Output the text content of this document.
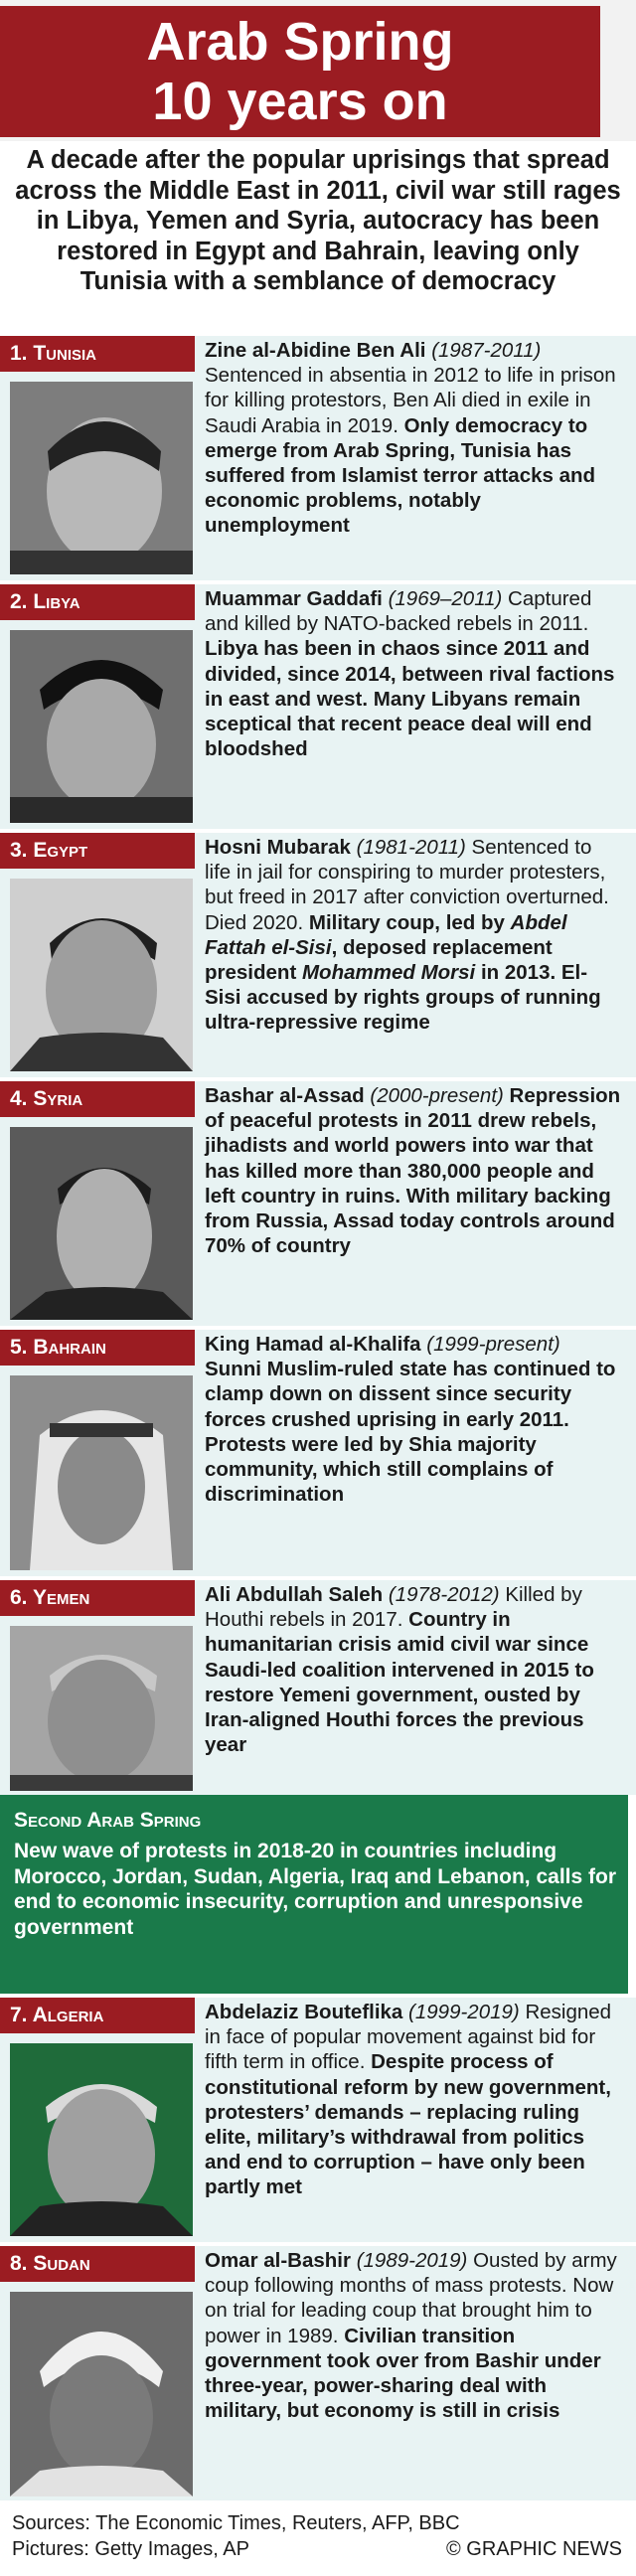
Arab Spring
10 years on
A decade after the popular uprisings that spread across the Middle East in 2011, civil war still rages in Libya, Yemen and Syria, autocracy has been restored in Egypt and Bahrain, leaving only Tunisia with a semblance of democracy
1. Tunisia	Zine al-Abidine Ben Ali (1987-2011) Sentenced in absentia in 2012 to life in prison for killing protestors, Ben Ali died in exile in Saudi Arabia in 2019. Only democracy to emerge from Arab Spring, Tunisia has suffered from Islamist terror attacks and economic problems, notably unemployment
2. Libya	Muammar Gaddafi (1969–2011) Captured and killed by NATO-backed rebels in 2011. Libya has been in chaos since 2011 and divided, since 2014, between rival factions in east and west. Many Libyans remain sceptical that recent peace deal will end bloodshed
3. Egypt	Hosni Mubarak (1981-2011) Sentenced to life in jail for conspiring to murder protesters, but freed in 2017 after conviction overturned. Died 2020. Military coup, led by Abdel Fattah el-Sisi, deposed replacement president Mohammed Morsi in 2013. El-Sisi accused by rights groups of running ultra-repressive regime
4. Syria	Bashar al-Assad (2000-present) Repression of peaceful protests in 2011 drew rebels, jihadists and world powers into war that has killed more than 380,000 people and left country in ruins. With military backing from Russia, Assad today controls around 70% of country
5. Bahrain	King Hamad al-Khalifa (1999-present) Sunni Muslim-ruled state has continued to clamp down on dissent since security forces crushed uprising in early 2011. Protests were led by Shia majority community, which still complains of discrimination
6. Yemen	Ali Abdullah Saleh (1978-2012) Killed by Houthi rebels in 2017. Country in humanitarian crisis amid civil war since Saudi-led coalition intervened in 2015 to restore Yemeni government, ousted by Iran-aligned Houthi forces the previous year
Second Arab Spring
New wave of protests in 2018-20 in countries including Morocco, Jordan, Sudan, Algeria, Iraq and Lebanon, calls for end to economic insecurity, corruption and unresponsive government
7. Algeria	Abdelaziz Bouteflika (1999-2019) Resigned in face of popular movement against bid for fifth term in office. Despite process of constitutional reform by new government, protesters’ demands – replacing ruling elite, military’s withdrawal from politics and end to corruption – have only been partly met
8. Sudan	Omar al-Bashir (1989-2019) Ousted by army coup following months of mass protests. Now on trial for leading coup that brought him to power in 1989. Civilian transition government took over from Bashir under three-year, power-sharing deal with military, but economy is still in crisis
Sources: The Economic Times, Reuters, AFP, BBC
Pictures: Getty Images, AP	© GRAPHIC NEWS
